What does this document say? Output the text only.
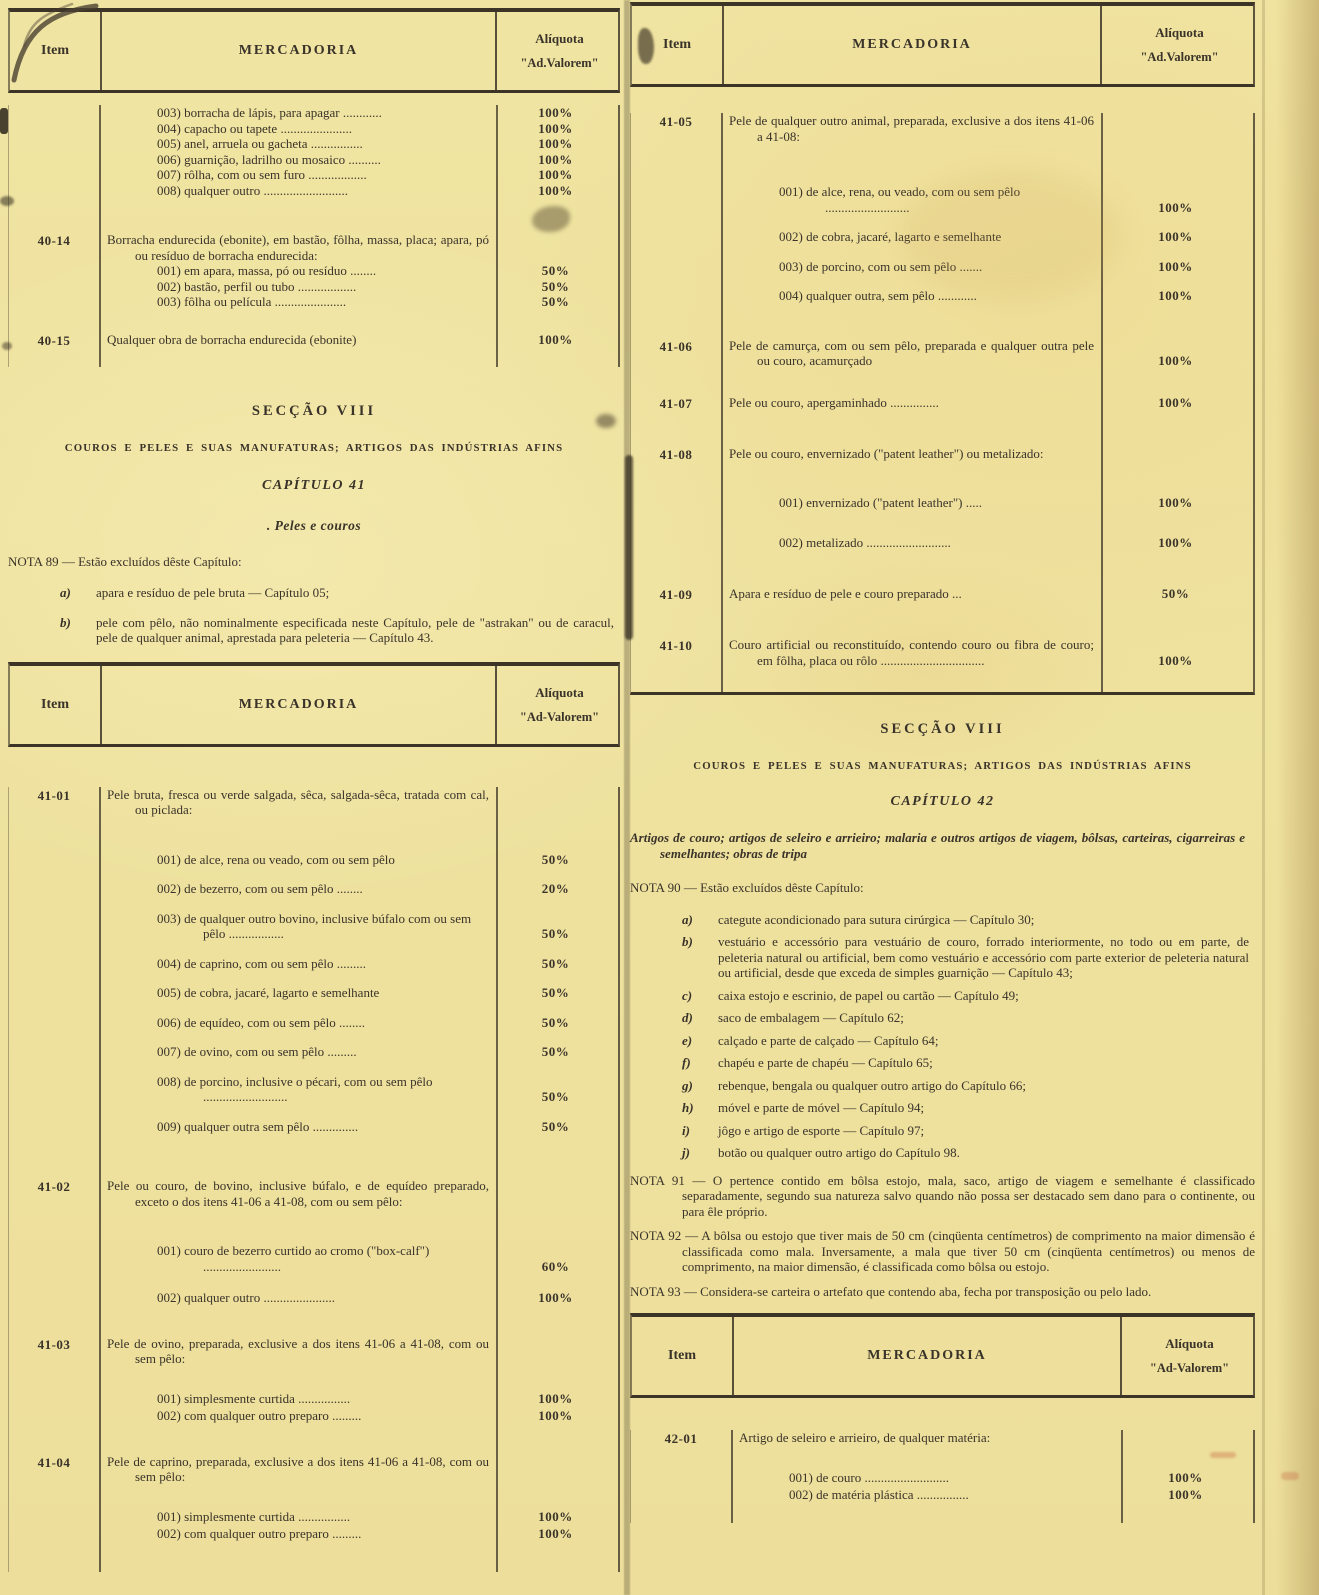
Item	MERCADORIA
Alíquota
"Ad.Valorem"
003) borracha de lápis, para apagar ............	100%
004) capacho ou tapete ......................	100%
005) anel, arruela ou gacheta ................	100%
006) guarnição, ladrilho ou mosaico ..........	100%
007) rôlha, com ou sem furo ..................	100%
008) qualquer outro ..........................	100%
40-14	Borracha endurecida (ebonite), em bastão, fôlha, massa, placa; apara, pó ou resíduo de borracha endurecida:
001) em apara, massa, pó ou resíduo ........	50%
002) bastão, perfil ou tubo ..................	50%
003) fôlha ou película ......................	50%
40-15	Qualquer obra de borracha endurecida (ebonite)	100%
SECÇÃO VIII
COUROS E PELES E SUAS MANUFATURAS; ARTIGOS DAS INDÚSTRIAS AFINS
CAPÍTULO 41
. Peles e couros
NOTA 89 — Estão excluídos dêste Capítulo:
a)	apara e resíduo de pele bruta — Capítulo 05;
b)	pele com pêlo, não nominalmente especificada neste Capítulo, pele de "astrakan" ou de caracul, pele de qualquer animal, aprestada para peleteria — Capítulo 43.
Item	MERCADORIA
Alíquota
"Ad-Valorem"
41-01	Pele bruta, fresca ou verde salgada, sêca, salgada-sêca, tratada com cal, ou piclada:
001) de alce, rena ou veado, com ou sem pêlo	50%
002) de bezerro, com ou sem pêlo ........	20%
003) de qualquer outro bovino, inclusive búfalo com ou sem pêlo .................	50%
004) de caprino, com ou sem pêlo .........	50%
005) de cobra, jacaré, lagarto e semelhante	50%
006) de equídeo, com ou sem pêlo ........	50%
007) de ovino, com ou sem pêlo .........	50%
008) de porcino, inclusive o pécari, com ou sem pêlo ..........................	50%
009) qualquer outra sem pêlo ..............	50%
41-02	Pele ou couro, de bovino, inclusive búfalo, e de equídeo preparado, exceto o dos itens 41-06 a 41-08, com ou sem pêlo:
001) couro de bezerro curtido ao cromo ("box-calf") ........................	60%
002) qualquer outro ......................	100%
41-03	Pele de ovino, preparada, exclusive a dos itens 41-06 a 41-08, com ou sem pêlo:
001) simplesmente curtida ................	100%
002) com qualquer outro preparo .........	100%
41-04	Pele de caprino, preparada, exclusive a dos itens 41-06 a 41-08, com ou sem pêlo:
001) simplesmente curtida ................	100%
002) com qualquer outro preparo .........	100%
Item	MERCADORIA
Alíquota
"Ad.Valorem"
41-05	Pele de qualquer outro animal, preparada, exclusive a dos itens 41-06 a 41-08:
001) de alce, rena, ou veado, com ou sem pêlo ..........................	100%
002) de cobra, jacaré, lagarto e semelhante	100%
003) de porcino, com ou sem pêlo .......	100%
004) qualquer outra, sem pêlo ............	100%
41-06	Pele de camurça, com ou sem pêlo, preparada e qualquer outra pele ou couro, acamurçado	100%
41-07	Pele ou couro, apergaminhado ...............	100%
41-08	Pele ou couro, envernizado ("patent leather") ou metalizado:
001) envernizado ("patent leather") .....	100%
002) metalizado ..........................	100%
41-09	Apara e resíduo de pele e couro preparado ...	50%
41-10	Couro artificial ou reconstituído, contendo couro ou fibra de couro; em fôlha, placa ou rôlo ................................	100%
SECÇÃO VIII
COUROS E PELES E SUAS MANUFATURAS; ARTIGOS DAS INDÚSTRIAS AFINS
CAPÍTULO 42
Artigos de couro; artigos de seleiro e arrieiro; malaria e outros artigos de viagem, bôlsas, carteiras, cigarreiras e semelhantes; obras de tripa
NOTA 90 — Estão excluídos dêste Capítulo:
a)	categute acondicionado para sutura cirúrgica — Capítulo 30;
b)	vestuário e accessório para vestuário de couro, forrado interiormente, no todo ou em parte, de peleteria natural ou artificial, bem como vestuário e accessório com parte exterior de peleteria natural ou artificial, desde que exceda de simples guarnição — Capítulo 43;
c)	caixa estojo e escrinio, de papel ou cartão — Capítulo 49;
d)	saco de embalagem — Capítulo 62;
e)	calçado e parte de calçado — Capítulo 64;
f)	chapéu e parte de chapéu — Capítulo 65;
g)	rebenque, bengala ou qualquer outro artigo do Capítulo 66;
h)	móvel e parte de móvel — Capítulo 94;
i)	jôgo e artigo de esporte — Capítulo 97;
j)	botão ou qualquer outro artigo do Capítulo 98.
NOTA 91 — O pertence contido em bôlsa estojo, mala, saco, artigo de viagem e semelhante é classificado separadamente, segundo sua natureza salvo quando não possa ser destacado sem dano para o continente, ou para êle próprio.
NOTA 92 — A bôlsa ou estojo que tiver mais de 50 cm (cinqüenta centímetros) de comprimento na maior dimensão é classificada como mala. Inversamente, a mala que tiver 50 cm (cinqüenta centímetros) ou menos de comprimento, na maior dimensão, é classificada como bôlsa ou estojo.
NOTA 93 — Considera-se carteira o artefato que contendo aba, fecha por transposição ou pelo lado.
Item	MERCADORIA
Alíquota
"Ad-Valorem"
42-01	Artigo de seleiro e arrieiro, de qualquer matéria:
001) de couro ..........................	100%
002) de matéria plástica ................	100%
